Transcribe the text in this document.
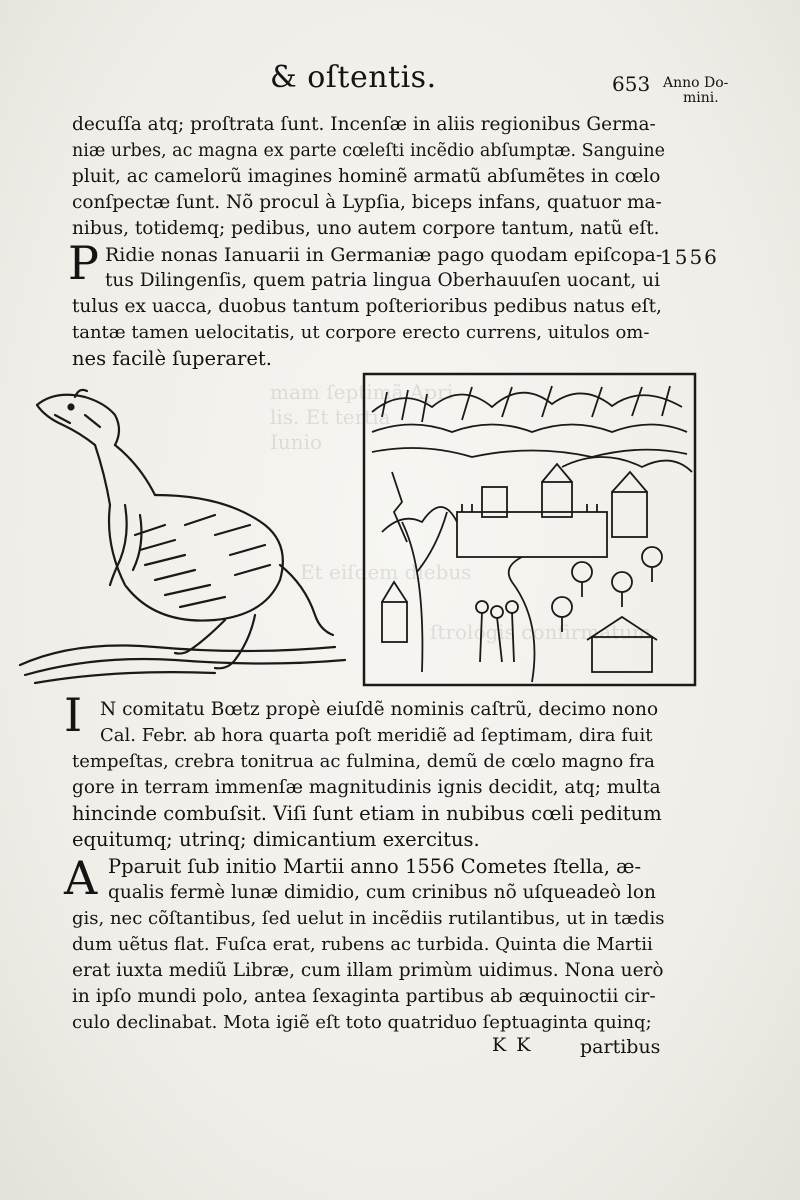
mam ſeptimã Apri
lis. Et tertia
Iunio
Et eiſdem diebus
ſtrologis confirmatum
& oſtentis.	653 Anno Do-
mini.
decuſſa atq; proſtrata ſunt. Incenſæ in aliis regionibus Germa-
niæ urbes, ac magna ex parte cœleſti incẽdio abſumptæ. Sanguine
pluit, ac camelorũ imagines hominẽ armatũ abſumẽtes in cœlo
conſpectæ ſunt. Nõ procul à Lypſia, biceps infans, quatuor ma-
nibus, totidemq; pedibus, uno autem corpore tantum, natũ eſt.
P	1556
Ridie nonas Ianuarii in Germaniæ pago quodam epiſcopa-
tus Dilingenſis, quem patria lingua Oberhauuſen uocant, ui
tulus ex uacca, duobus tantum poſterioribus pedibus natus eſt,
tantæ tamen uelocitatis, ut corpore erecto currens, uitulos om-
nes facilè ſuperaret.
I N comitatu Bœtz propè eiuſdẽ nominis caſtrũ, decimo nono
Cal. Febr. ab hora quarta poſt meridiẽ ad ſeptimam, dira fuit
tempeſtas, crebra tonitrua ac fulmina, demũ de cœlo magno fra
gore in terram immenſæ magnitudinis ignis decidit, atq; multa
hincinde combuſsit. Viſi ſunt etiam in nubibus cœli peditum
equitumq; utrinq; dimicantium exercitus.
A Pparuit ſub initio Martii anno 1556 Cometes ſtella, æ-
qualis fermè lunæ dimidio, cum crinibus nõ uſqueadeò lon
gis, nec cõſtantibus, ſed uelut in incẽdiis rutilantibus, ut in tædis
dum uẽtus flat. Fuſca erat, rubens ac turbida. Quinta die Martii
erat iuxta mediũ Libræ, cum illam primùm uidimus. Nona uerò
in ipſo mundi polo, antea ſexaginta partibus ab æquinoctii cir-
culo declinabat. Mota igiẽ eſt toto quatriduo ſeptuaginta quinq;
K K	partibus
